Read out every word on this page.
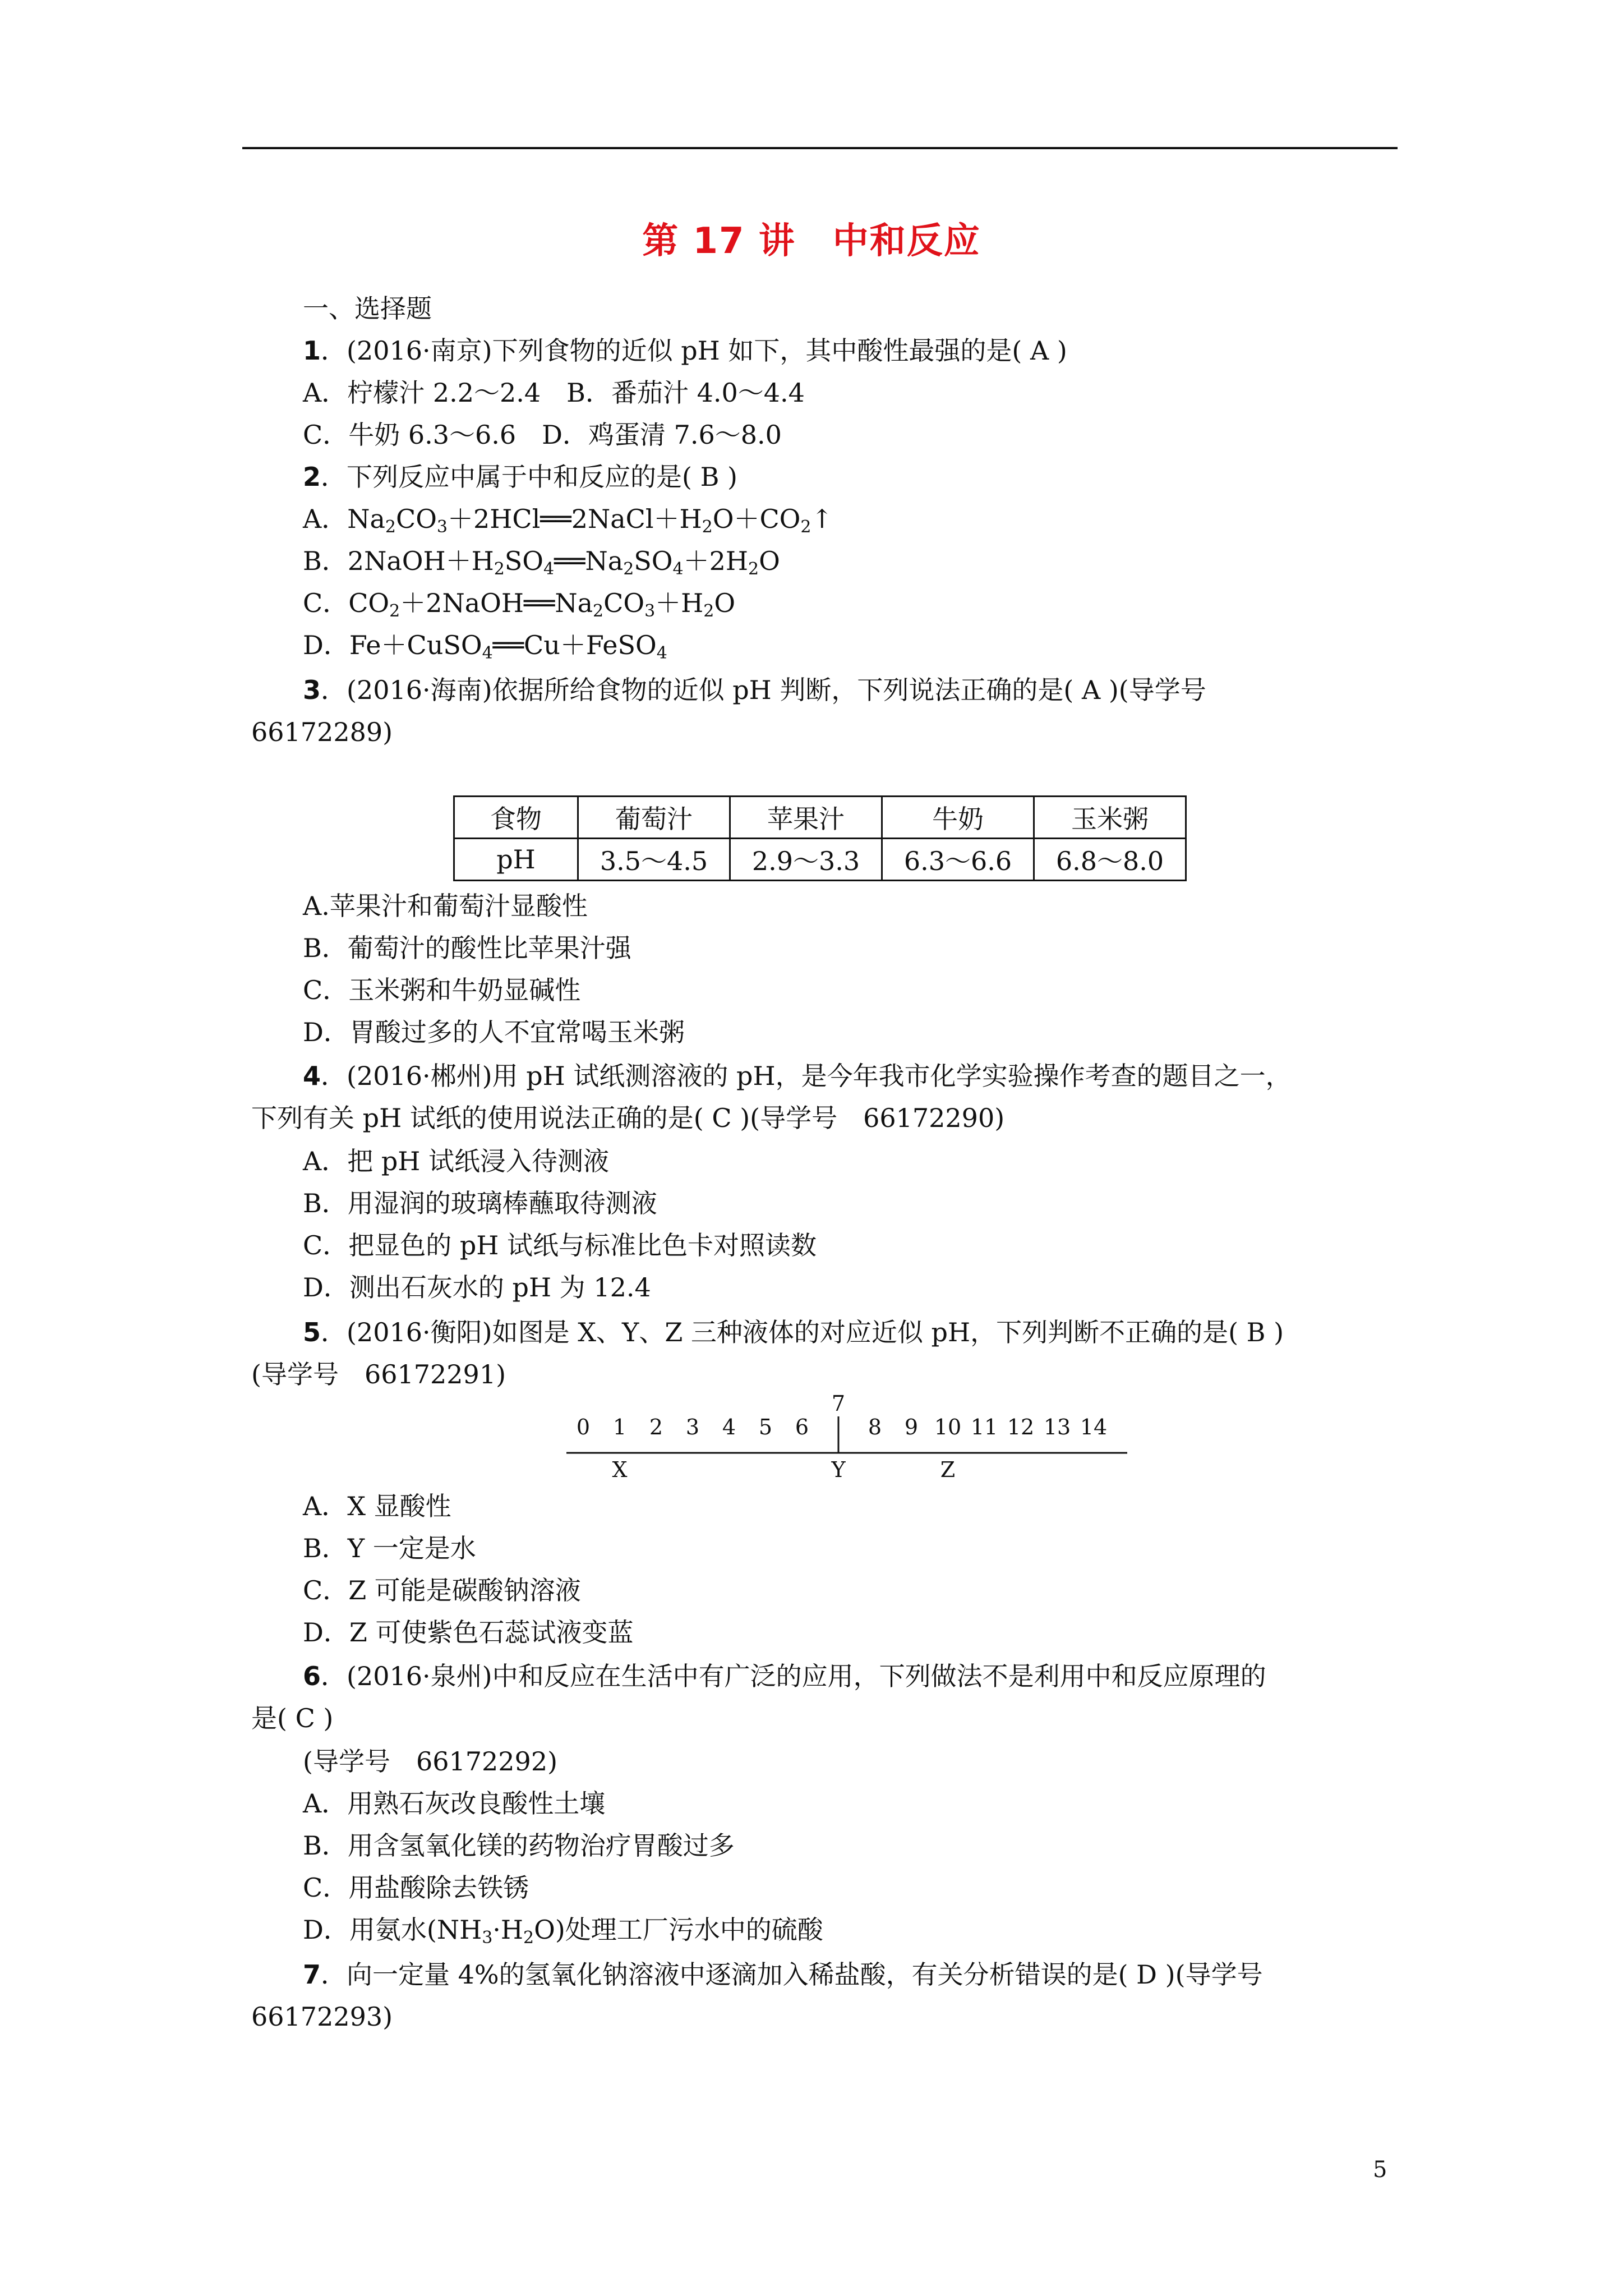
第 17 讲　中和反应
一、选择题
1．(2016·南京)下列食物的近似 pH 如下，其中酸性最强的是( A )
A．柠檬汁 2.2～2.4　B．番茄汁 4.0～4.4
C．牛奶 6.3～6.6　D．鸡蛋清 7.6～8.0
2．下列反应中属于中和反应的是( B )
A．$Na_2CO_3+2HCl══2NaCl+H_2O+CO_2↑$
B．$2NaOH+H_2SO_4══Na_2SO_4+2H_2O$
C．$CO_2+2NaOH══Na_2CO_3+H_2O$
D．Fe＋CuSO$_4$══Cu＋FeSO$_4$
3．(2016·海南)依据所给食物的近似 pH 判断，下列说法正确的是( A )(导学号
66172289)
食物	葡萄汁	苹果汁	牛奶	玉米粥
pH	3.5～4.5	2.9～3.3	6.3～6.6	6.8～8.0
A.苹果汁和葡萄汁显酸性
B．葡萄汁的酸性比苹果汁强
C．玉米粥和牛奶显碱性
D．胃酸过多的人不宜常喝玉米粥
4．(2016·郴州)用 pH 试纸测溶液的 pH，是今年我市化学实验操作考查的题目之一，
下列有关 pH 试纸的使用说法正确的是( C )(导学号　66172290)
A．把 pH 试纸浸入待测液
B．用湿润的玻璃棒蘸取待测液
C．把显色的 pH 试纸与标准比色卡对照读数
D．测出石灰水的 pH 为 12.4
5．(2016·衡阳)如图是 X、Y、Z 三种液体的对应近似 pH，下列判断不正确的是( B )
(导学号　66172291)
0 1 2 3 4 5 6
7
8 9 10 11 12 13 14
X	Y	Z
A．X 显酸性
B．Y 一定是水
C．Z 可能是碳酸钠溶液
D．Z 可使紫色石蕊试液变蓝
6．(2016·泉州)中和反应在生活中有广泛的应用，下列做法不是利用中和反应原理的
是( C )
(导学号　66172292)
A．用熟石灰改良酸性土壤
B．用含氢氧化镁的药物治疗胃酸过多
C．用盐酸除去铁锈
D．用氨水$(NH_3\cdot H_2O)$处理工厂污水中的硫酸
7．向一定量 4%的氢氧化钠溶液中逐滴加入稀盐酸，有关分析错误的是( D )(导学号
66172293)
5
